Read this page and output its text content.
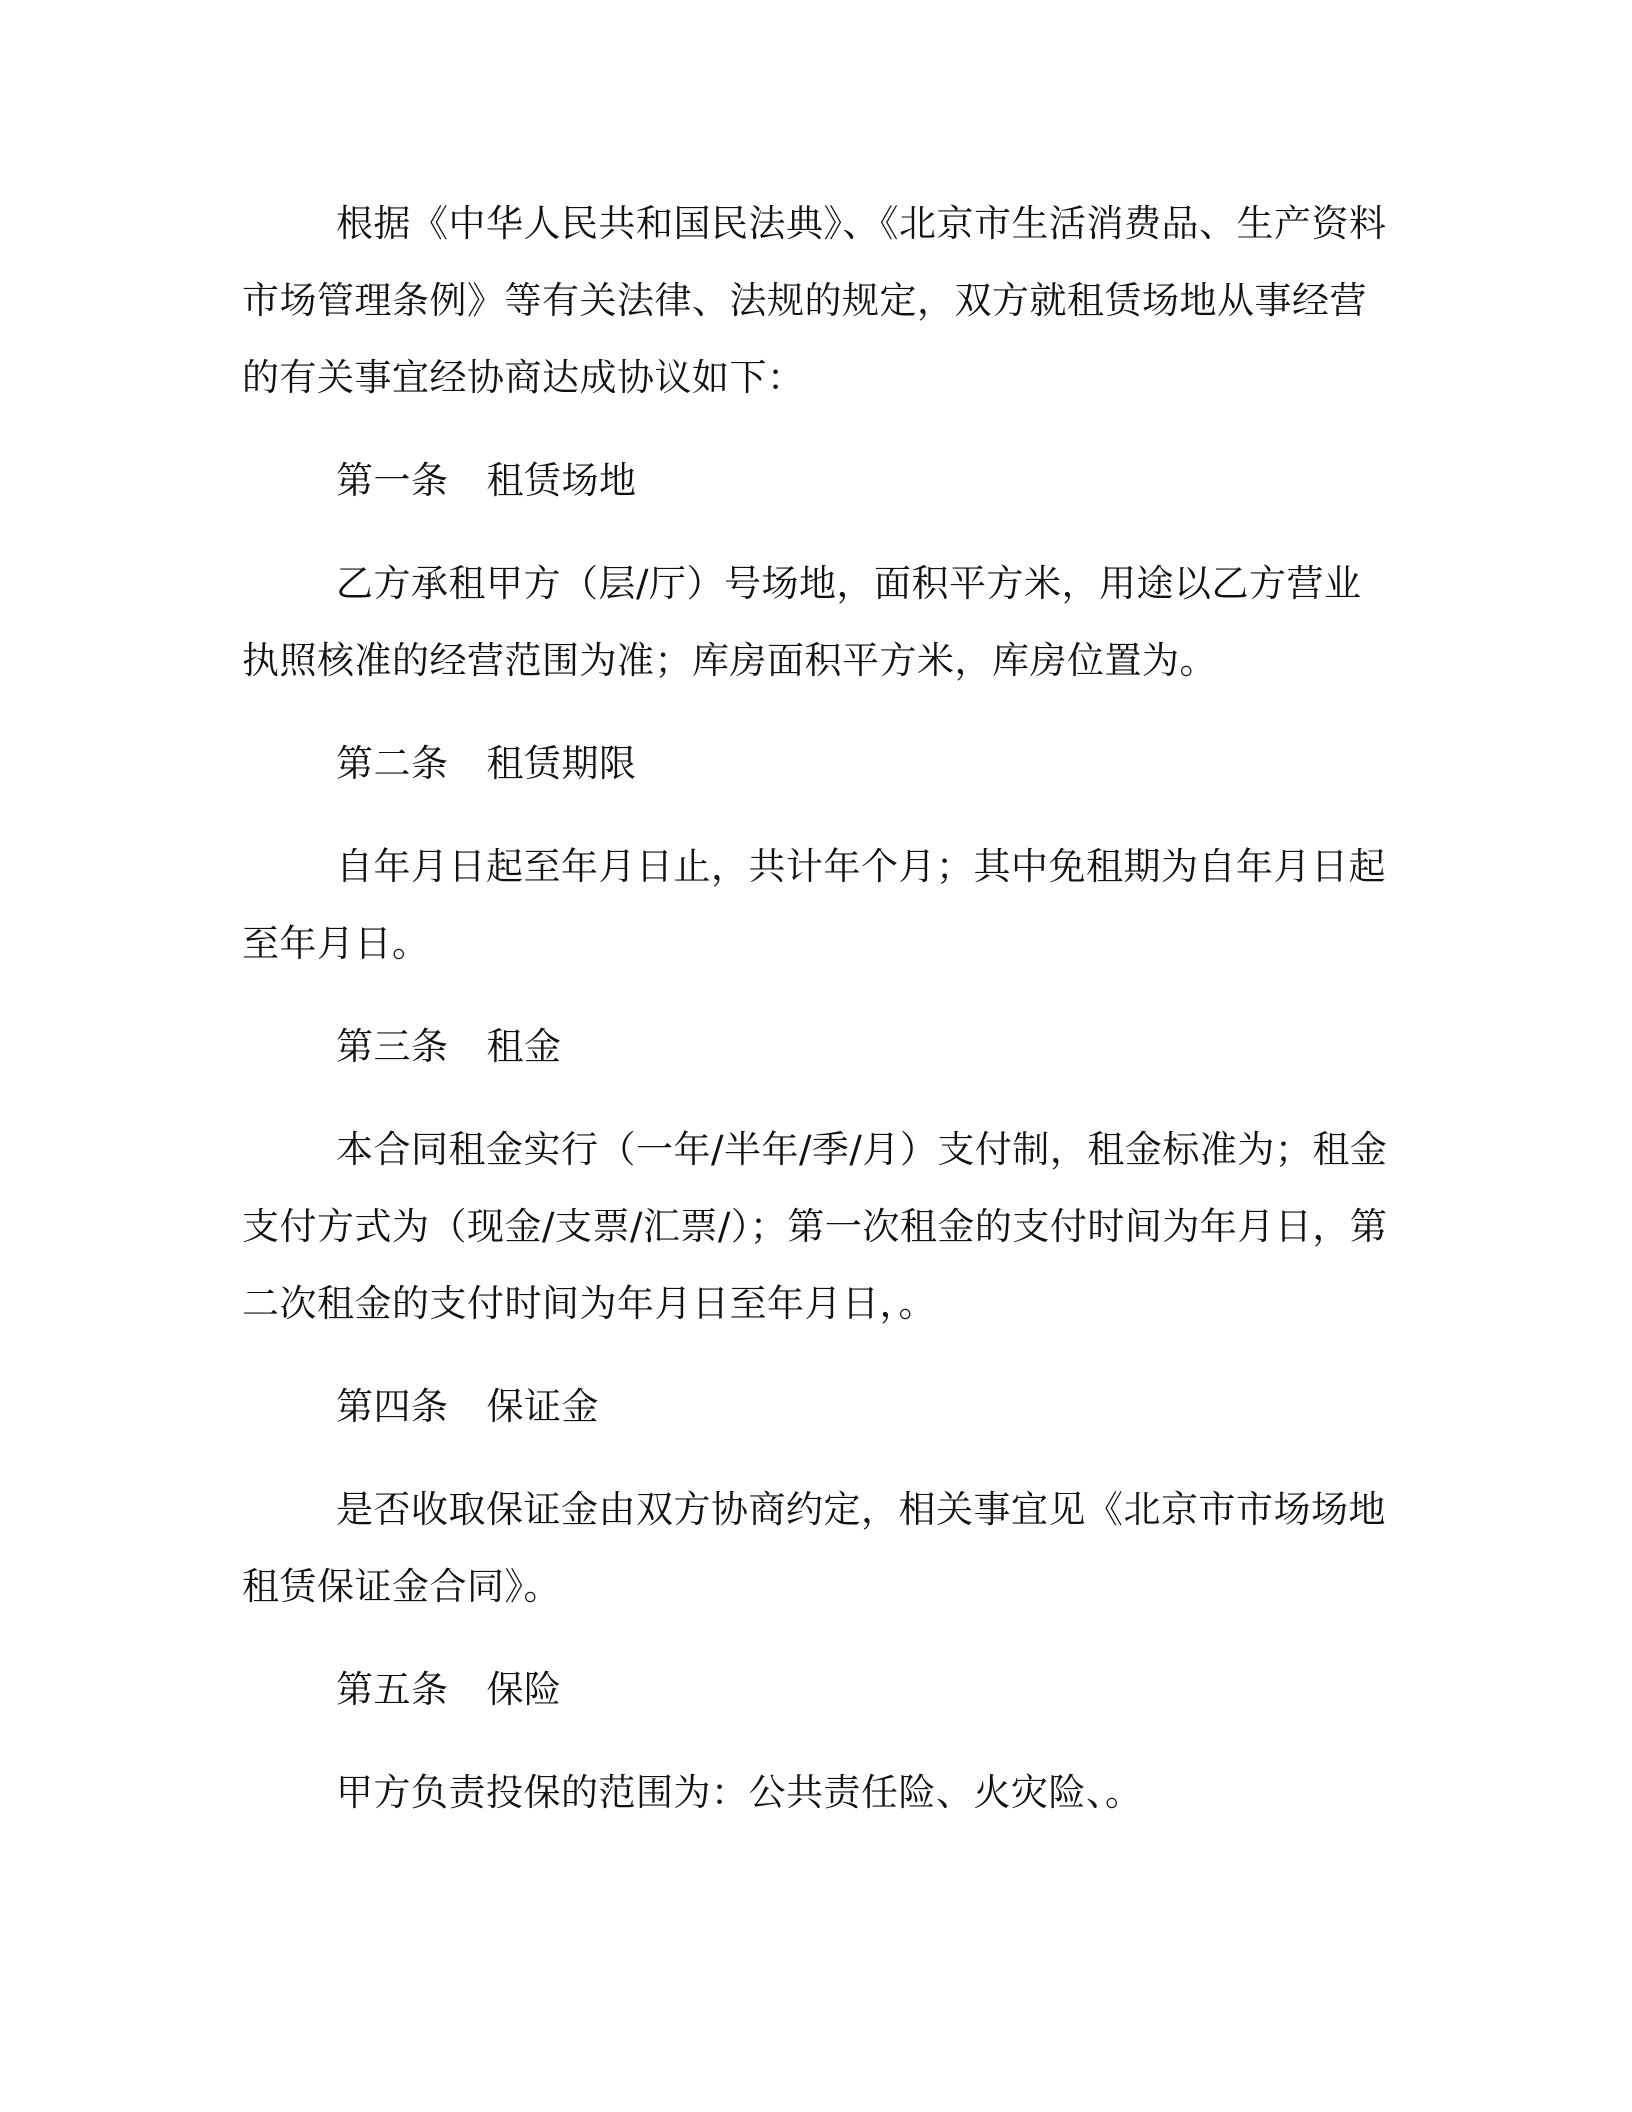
根据《中华人民共和国民法典》、《北京市生活消费品、生产资料市场管理条例》等有关法律、法规的规定，双方就租赁场地从事经营的有关事宜经协商达成协议如下：

第一条 租赁场地

乙方承租甲方（层/厅）号场地，面积平方米，用途以乙方营业执照核准的经营范围为准；库房面积平方米，库房位置为。

第二条 租赁期限

自年月日起至年月日止，共计年个月；其中免租期为自年月日起至年月日。

第三条 租金

本合同租金实行（一年/半年/季/月）支付制，租金标准为；租金支付方式为（现金/支票/汇票/）；第一次租金的支付时间为年月日，第二次租金的支付时间为年月日至年月日，。

第四条 保证金

是否收取保证金由双方协商约定，相关事宜见《北京市市场场地租赁保证金合同》。

第五条 保险

甲方负责投保的范围为：公共责任险、火灾险、。
